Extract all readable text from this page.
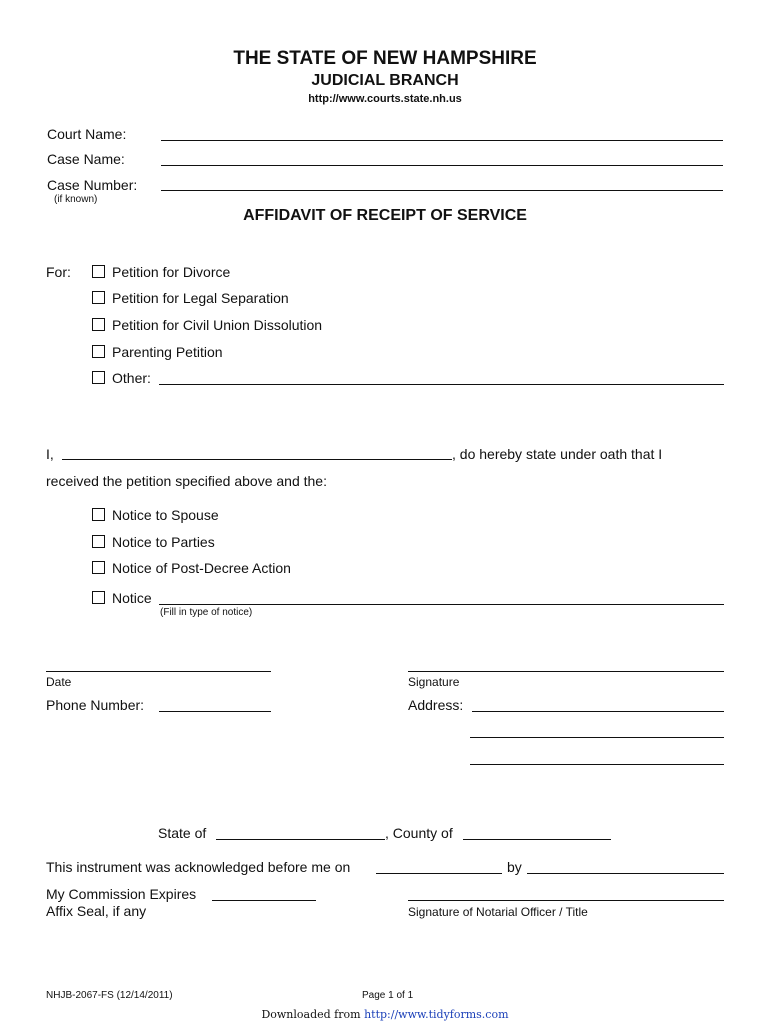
THE STATE OF NEW HAMPSHIRE
JUDICIAL BRANCH
http://www.courts.state.nh.us
Court Name:
Case Name:
Case Number:
(if known)
AFFIDAVIT OF RECEIPT OF SERVICE
For:	Petition for Divorce
Petition for Legal Separation
Petition for Civil Union Dissolution
Parenting Petition
Other:
I,	, do hereby state under oath that I
received the petition specified above and the:
Notice to Spouse
Notice to Parties
Notice of Post-Decree Action
Notice
(Fill in type of notice)
Date	Signature
Phone Number:	Address:
State of	, County of
This instrument was acknowledged before me on	by
My Commission Expires
Affix Seal, if any	Signature of Notarial Officer / Title
NHJB-2067-FS (12/14/2011)	Page 1 of 1
Downloaded from http://www.tidyforms.com
